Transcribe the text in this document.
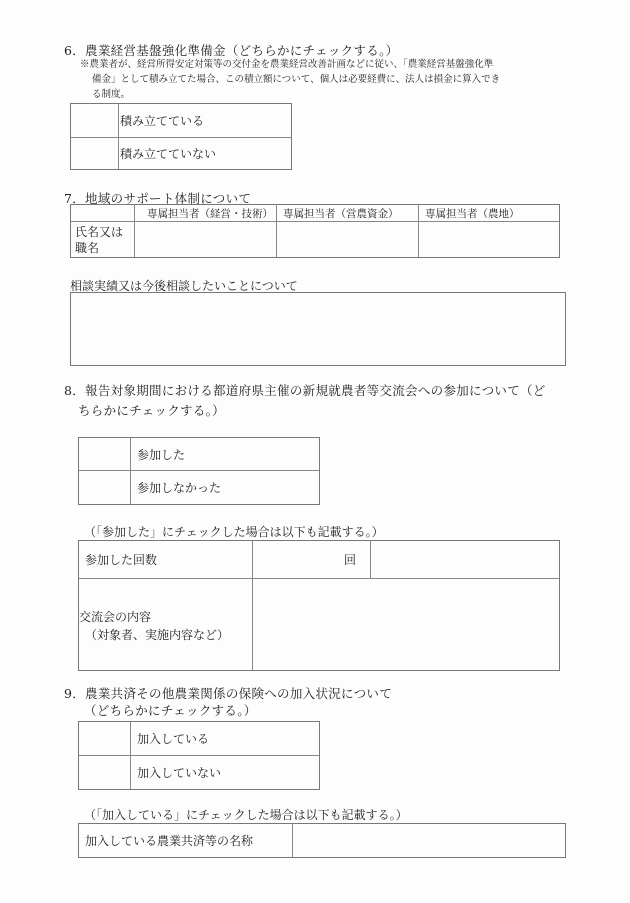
6．農業経営基盤強化準備金（どちらかにチェックする。）
※農業者が、経営所得安定対策等の交付金を農業経営改善計画などに従い、「農業経営基盤強化準
備金」として積み立てた場合、この積立額について、個人は必要経費に、法人は損金に算入でき
る制度。
積み立てている
積み立てていない
7．地域のサポート体制について
専属担当者（経営・技術） 専属担当者（営農資金）	専属担当者（農地）
氏名又は
職名
相談実績又は今後相談したいことについて
8．報告対象期間における都道府県主催の新規就農者等交流会への参加について（ど
ちらかにチェックする。）
参加した
参加しなかった
（「参加した」にチェックした場合は以下も記載する。）
参加した回数	回
交流会の内容
（対象者、実施内容など）
9．農業共済その他農業関係の保険への加入状況について
（どちらかにチェックする。）
加入している
加入していない
（「加入している」にチェックした場合は以下も記載する。）
加入している農業共済等の名称
